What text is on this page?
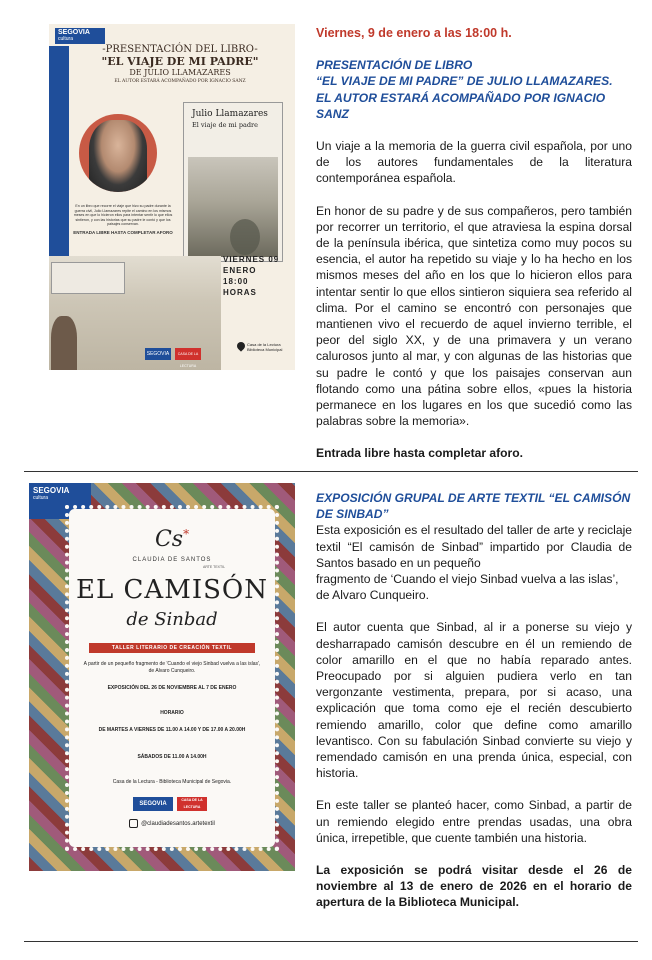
SEGOVIA
cultura
-PRESENTACIÓN DEL LIBRO-
"EL VIAJE DE MI PADRE"
DE JULIO LLAMAZARES
EL AUTOR ESTARÁ ACOMPAÑADO POR IGNACIO SANZ
Julio Llamazares
El viaje de mi padre
En un libro que recorre el viaje que hizo su padre durante la guerra civil, Julio Llamazares repite el camino en los mismos meses en que lo hicieron ellos para intentar sentir lo que ellos sintieron, y con las historias que su padre le contó y que los paisajes conservan.
ENTRADA LIBRE HASTA COMPLETAR AFORO
VIERNES 09
ENERO
18:00
HORAS
SEGOVIA	CASA DE LA LECTURA
Casa de la Lectura
Biblioteca Municipal
Viernes, 9 de enero a las 18:00 h.
PRESENTACIÓN DE LIBRO
“EL VIAJE DE MI PADRE” DE JULIO LLAMAZARES.
EL AUTOR ESTARÁ ACOMPAÑADO POR IGNACIO SANZ

Un viaje a la memoria de la guerra civil española, por uno de los autores fundamentales de la literatura contemporánea española.

En honor de su padre y de sus compañeros, pero también por recorrer un territorio, el que atraviesa la espina dorsal de la península ibérica, que sintetiza como muy pocos su esencia, el autor ha repetido su viaje y lo ha hecho en los mismos meses del año en los que lo hicieron ellos para intentar sentir lo que ellos sintieron siquiera sea referido al clima. Por el camino se encontró con personajes que mantienen vivo el recuerdo de aquel invierno terrible, el peor del siglo XX, y de una primavera y un verano calurosos junto al mar, y con algunas de las historias que su padre le contó y que los paisajes conservan aun flotando como una pátina sobre ellos, «pues la historia permanece en los lugares en los que sucedió como las palabras sobre la memoria».

Entrada libre hasta completar aforo.

SEGOVIA
cultura
Cs*
CLAUDIA DE SANTOS
ARTE TEXTIL
EL CAMISÓN
de Sinbad
TALLER LITERARIO DE CREACIÓN TEXTIL
A partir de un pequeño fragmento de 'Cuando el viejo Sinbad vuelva a las islas', de Alvaro Cunqueiro.
EXPOSICIÓN DEL 26 DE NOVIEMBRE AL 7 DE ENERO
HORARIO
DE MARTES A VIERNES DE 11.00 A 14.00 Y DE 17.00 A 20.00H
SÁBADOS DE 11.00 A 14.00H
Casa de la Lectura - Biblioteca Municipal de Segovia.
SEGOVIA
CASA DE LA LECTURA
@claudiadesantos.artetextil
EXPOSICIÓN GRUPAL DE ARTE TEXTIL “EL CAMISÓN DE SINBAD”

Esta exposición es el resultado del taller de arte y reciclaje textil “El camisón de Sinbad” impartido por Claudia de Santos basado en un pequeño

fragmento de ‘Cuando el viejo Sinbad vuelva a las islas’, de Alvaro Cunqueiro.

El autor cuenta que Sinbad, al ir a ponerse su viejo y desharrapado camisón descubre en él un remiendo de color amarillo en el que no había reparado antes. Preocupado por si alguien pudiera verlo en tan vergonzante vestimenta, prepara, por si acaso, una explicación que toma como eje el recién descubierto remiendo amarillo, color que define como amarillo levantisco. Con su fabulación Sinbad convierte su viejo y remendado camisón en una prenda única, especial, con historia.

En este taller se planteó hacer, como Sinbad, a partir de un remiendo elegido entre prendas usadas, una obra única, irrepetible, que cuente también una historia.

La exposición se podrá visitar desde el 26 de noviembre al 13 de enero de 2026 en el horario de apertura de la Biblioteca Municipal.
